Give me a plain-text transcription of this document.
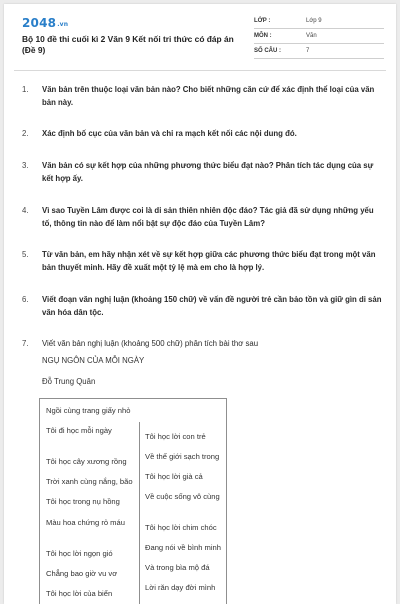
2048.vn
Bộ 10 đề thi cuối kì 2 Văn 9 Kết nối tri thức có đáp án (Đề 9)
LỚP :	Lớp 9
MÔN :	Văn
SỐ CÂU :	7
1. Văn bản trên thuộc loại văn bản nào? Cho biết những căn cứ để xác định thể loại của văn bản này.
2. Xác định bố cục của văn bản và chỉ ra mạch kết nối các nội dung đó.
3. Văn bản có sự kết hợp của những phương thức biểu đạt nào? Phân tích tác dụng của sự kết hợp ấy.
4. Vì sao Tuyền Lâm được coi là di sản thiên nhiên độc đáo? Tác giả đã sử dụng những yếu tố, thông tin nào để làm nổi bật sự độc đáo của Tuyền Lâm?
5. Từ văn bản, em hãy nhận xét về sự kết hợp giữa các phương thức biểu đạt trong một văn bản thuyết minh. Hãy đề xuất một tỷ lệ mà em cho là hợp lý.
6. Viết đoạn văn nghị luận (khoảng 150 chữ) về vấn đề người trẻ cần bảo tồn và giữ gìn di sản văn hóa dân tộc.
7. Viết văn bản nghị luận (khoảng 500 chữ) phân tích bài thơ sau
NGỤ NGÔN CỦA MỖI NGÀY
Đỗ Trung Quân
Ngồi cùng trang giấy nhỏ
Tôi đi học mỗi ngày
Tôi học cây xương rồng
Trời xanh cùng nắng, bão
Tôi học trong nụ hồng
Màu hoa chứng rỏ máu
Tôi học lời ngọn gió
Chẳng bao giờ vu vơ
Tôi học lời của biển
Tôi học lời con trẻ
Về thế giới sạch trong
Tôi học lời già cả
Về cuộc sống vô cùng
Tôi học lời chim chóc
Đang nói về bình minh
Và trong bìa mộ đá
Lời răn dạy đời mình
